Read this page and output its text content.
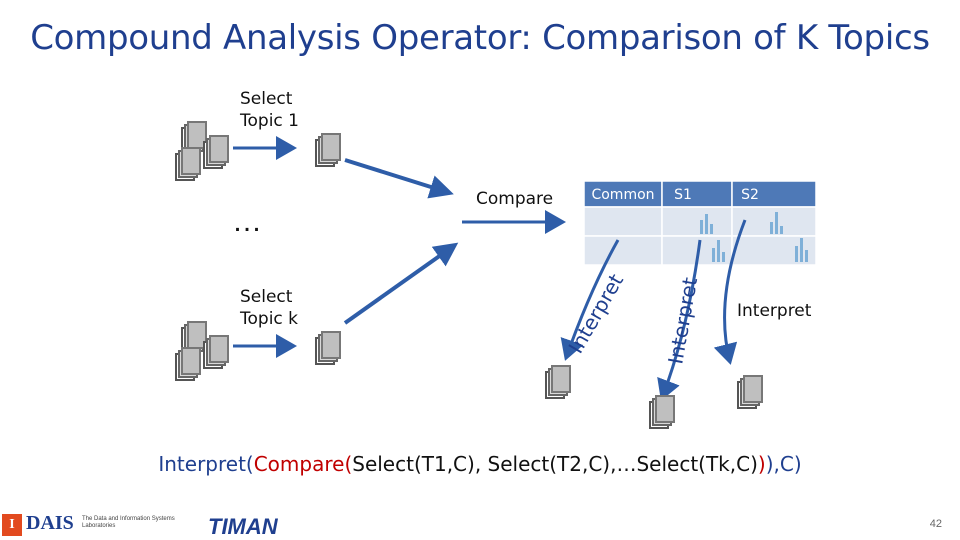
Compound Analysis Operator: Comparison of K Topics
Common S1	S2
Interpret Interpret
Select
Topic 1
…
Select
Topic k
Compare
Interpret
Interpret(Compare(Select(T1,C), Select(T2,C),…Select(Tk,C))),C)
I DAIS The Data and Information Systems Laboratories	TIMAN	42
